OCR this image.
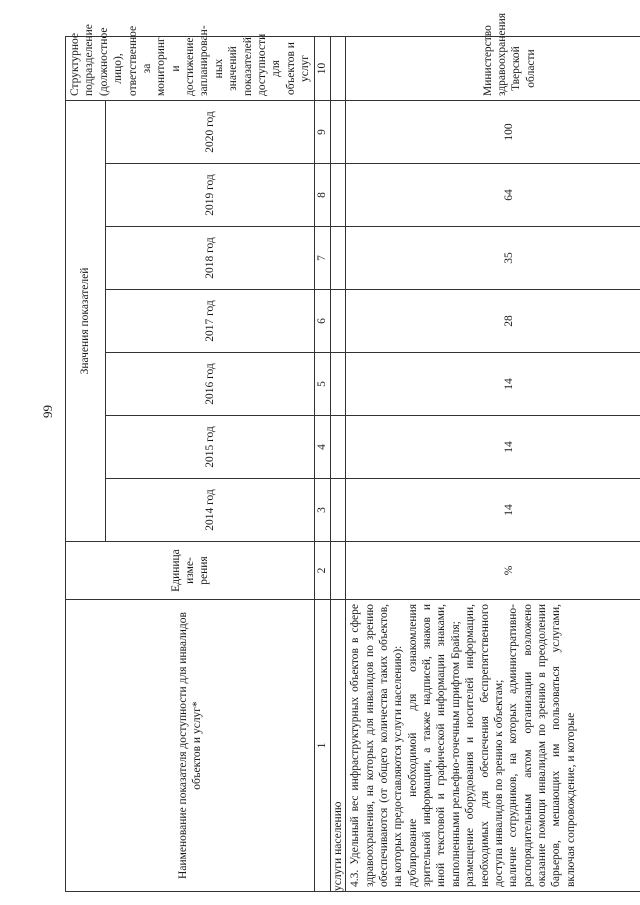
99
Наименование показателя доступности для инвалидов объектов и услуг*	Единица изме-рения	Значения показателей							Структурное подразделение (должностное лицо), ответственное за мониторинг и достижение запланирован-ных значений показателей доступности для объектов и услуг
		2014 год	2015 год	2016 год	2017 год	2018 год	2019 год	2020 год	
1	2	3	4	5	6	7	8	9	10
услуги населению									

4.3. Удельный вес инфраструктурных объектов в сфере здравоохранения, на которых для инвалидов по зрению обеспечиваются (от общего количества таких объектов, на которых предоставляются услуги населению): дублирование необходимой для ознакомления зрительной информации, а также надписей, знаков и иной текстовой и графической информации знаками, выполненными рельефно-точечным шрифтом Брайля; размещение оборудования и носителей информации, необходимых для обеспечения беспрепятственного доступа инвалидов по зрению к объектам; наличие сотрудников, на которых административно-распорядительным актом организации возложено оказание помощи инвалидам по зрению в преодолении барьеров, мешающих им пользоваться услугами, включая сопровождение, и которые	%	14	14	14	28	35	64	100	Министерство здравоохранения Тверской области
